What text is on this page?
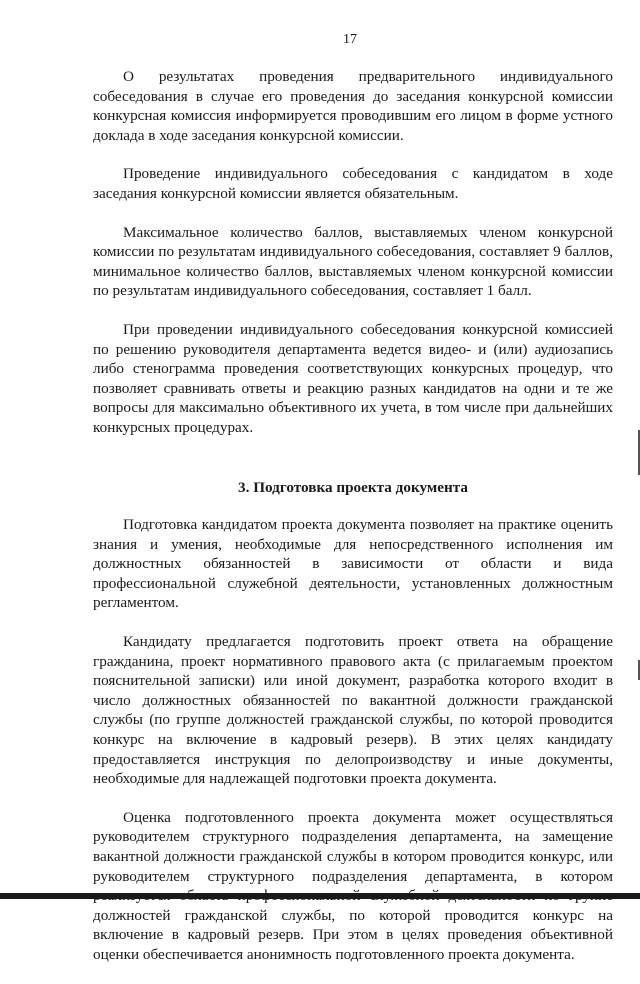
17

О результатах проведения предварительного индивидуального собеседования в случае его проведения до заседания конкурсной комиссии конкурсная комиссия информируется проводившим его лицом в форме устного доклада в ходе заседания конкурсной комиссии.

Проведение индивидуального собеседования с кандидатом в ходе заседания конкурсной комиссии является обязательным.

Максимальное количество баллов, выставляемых членом конкурсной комиссии по результатам индивидуального собеседования, составляет 9 баллов, минимальное количество баллов, выставляемых членом конкурсной комиссии по результатам индивидуального собеседования, составляет 1 балл.

При проведении индивидуального собеседования конкурсной комиссией по решению руководителя департамента ведется видео- и (или) аудиозапись либо стенограмма проведения соответствующих конкурсных процедур, что позволяет сравнивать ответы и реакцию разных кандидатов на одни и те же вопросы для максимально объективного их учета, в том числе при дальнейших конкурсных процедурах.

3. Подготовка проекта документа

Подготовка кандидатом проекта документа позволяет на практике оценить знания и умения, необходимые для непосредственного исполнения им должностных обязанностей в зависимости от области и вида профессиональной служебной деятельности, установленных должностным регламентом.

Кандидату предлагается подготовить проект ответа на обращение гражданина, проект нормативного правового акта (с прилагаемым проектом пояснительной записки) или иной документ, разработка которого входит в число должностных обязанностей по вакантной должности гражданской службы (по группе должностей гражданской службы, по которой проводится конкурс на включение в кадровый резерв). В этих целях кандидату предоставляется инструкция по делопроизводству и иные документы, необходимые для надлежащей подготовки проекта документа.

Оценка подготовленного проекта документа может осуществляться руководителем структурного подразделения департамента, на замещение вакантной должности гражданской службы в котором проводится конкурс, или руководителем структурного подразделения департамента, в котором должностей гражданской службы, по которой проводится конкурс на включение в кадровый резерв. При этом в целях проведения объективной оценки обеспечивается анонимность подготовленного проекта документа.
